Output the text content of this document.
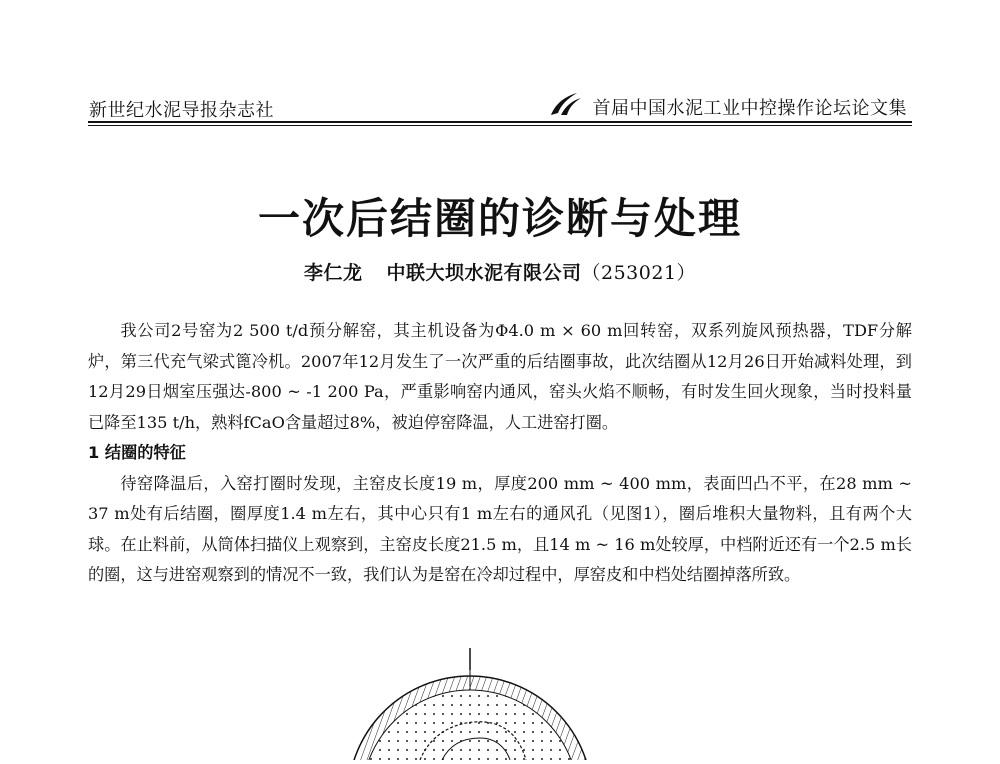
新世纪水泥导报杂志社	首届中国水泥工业中控操作论坛论文集
一次后结圈的诊断与处理
李仁龙 中联大坝水泥有限公司（253021）

我公司2号窑为2 500 t/d预分解窑，其主机设备为Φ4.0 m × 60 m回转窑，双系列旋风预热器，TDF分解炉，第三代充气梁式篦冷机。2007年12月发生了一次严重的后结圈事故，此次结圈从12月26日开始减料处理，到12月29日烟室压强达-800 ~ -1 200 Pa，严重影响窑内通风，窑头火焰不顺畅，有时发生回火现象，当时投料量已降至135 t/h，熟料fCaO含量超过8%，被迫停窑降温，人工进窑打圈。

1 结圈的特征

待窑降温后，入窑打圈时发现，主窑皮长度19 m，厚度200 mm ~ 400 mm，表面凹凸不平，在28 mm ~ 37 m处有后结圈，圈厚度1.4 m左右，其中心只有1 m左右的通风孔（见图1），圈后堆积大量物料，且有两个大球。在止料前，从筒体扫描仪上观察到，主窑皮长度21.5 m，且14 m ~ 16 m处较厚，中档附近还有一个2.5 m长的圈，这与进窑观察到的情况不一致，我们认为是窑在冷却过程中，厚窑皮和中档处结圈掉落所致。
